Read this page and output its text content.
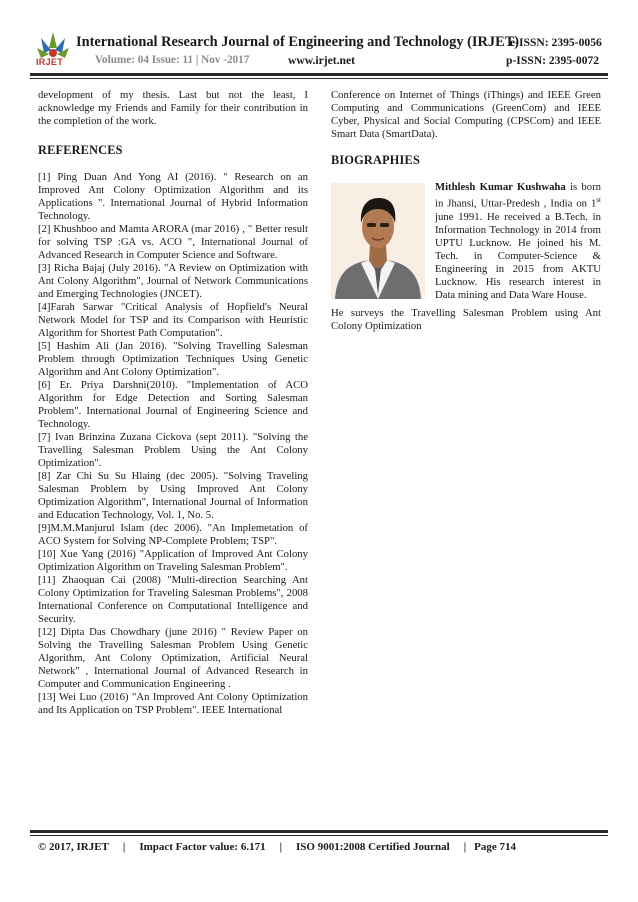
IRJET
International Research Journal of Engineering and Technology (IRJET)
e-ISSN: 2395-0056
Volume: 04 Issue: 11 | Nov -2017	www.irjet.net	p-ISSN: 2395-0072

development of my thesis. Last but not the least, I acknowledge my Friends and Family for their contribution in the completion of the work.

REFERENCES

[1] Ping Duan And Yong AI (2016). " Research on an Improved Ant Colony Optimization Algorithm and its Applications ". International Journal of Hybrid Information Technology.

[2] Khushboo and Mamta ARORA (mar 2016) , " Better result for solving TSP :GA vs. ACO ", International Journal of Advanced Research in Computer Science and Software.

[3] Richa Bajaj (July 2016). "A Review on Optimization with Ant Colony Algorithm", Journal of Network Communications and Emerging Technologies (JNCET).

[4]Farah Sarwar "Critical Analysis of Hopfield's Neural Network Model for TSP and its Comparison with Heuristic Algorithm for Shortest Path Computation".

[5] Hashim Ali (Jan 2016). "Solving Travelling Salesman Problem through Optimization Techniques Using Genetic Algorithm and Ant Colony Optimization".

[6] Er. Priya Darshni(2010). "Implementation of ACO Algorithm for Edge Detection and Sorting Salesman Problem". International Journal of Engineering Science and Technology.

[7] Ivan Brinzina Zuzana Cickova (sept 2011). "Solving the Travelling Salesman Problem Using the Ant Colony Optimization".

[8] Zar Chi Su Su Hlaing (dec 2005). "Solving Traveling Salesman Problem by Using Improved Ant Colony Optimization Algorithm", International Journal of Information and Education Technology, Vol. 1, No. 5.

[9]M.M.Manjurul Islam (dec 2006). "An Implemetation of ACO System for Solving NP-Complete Problem; TSP".

[10] Xue Yang (2016) "Application of Improved Ant Colony Optimization Algorithm on Traveling Salesman Problem".

[11] Zhaoquan Cai (2008) "Multi-direction Searching Ant Colony Optimization for Traveling Salesman Problems", 2008 International Conference on Computational Intelligence and Security.

[12] Dipta Das Chowdhary (june 2016) " Review Paper on Solving the Travelling Salesman Problem Using Genetic Algorithm, Ant Colony Optimization, Artificial Neural Network" , International Journal of Advanced Research in Computer and Communication Engineering .

[13] Wei Luo (2016) "An Improved Ant Colony Optimization and Its Application on TSP Problem". IEEE International

Conference on Internet of Things (iThings) and IEEE Green Computing and Communications (GreenCom) and IEEE Cyber, Physical and Social Computing (CPSCom) and IEEE Smart Data (SmartData).

BIOGRAPHIES

Mithlesh Kumar Kushwaha is born in Jhansi, Uttar-Predesh , India on 1st june 1991. He received a B.Tech. in Information Technology in 2014 from UPTU Lucknow. He joined his M. Tech. in Computer-Science & Engineering in 2015 from AKTU Lucknow. His research interest in Data mining and Data Ware House.

He surveys the Travelling Salesman Problem using Ant Colony Optimization

© 2017, IRJET | Impact Factor value: 6.171 | ISO 9001:2008 Certified Journal | Page 714
